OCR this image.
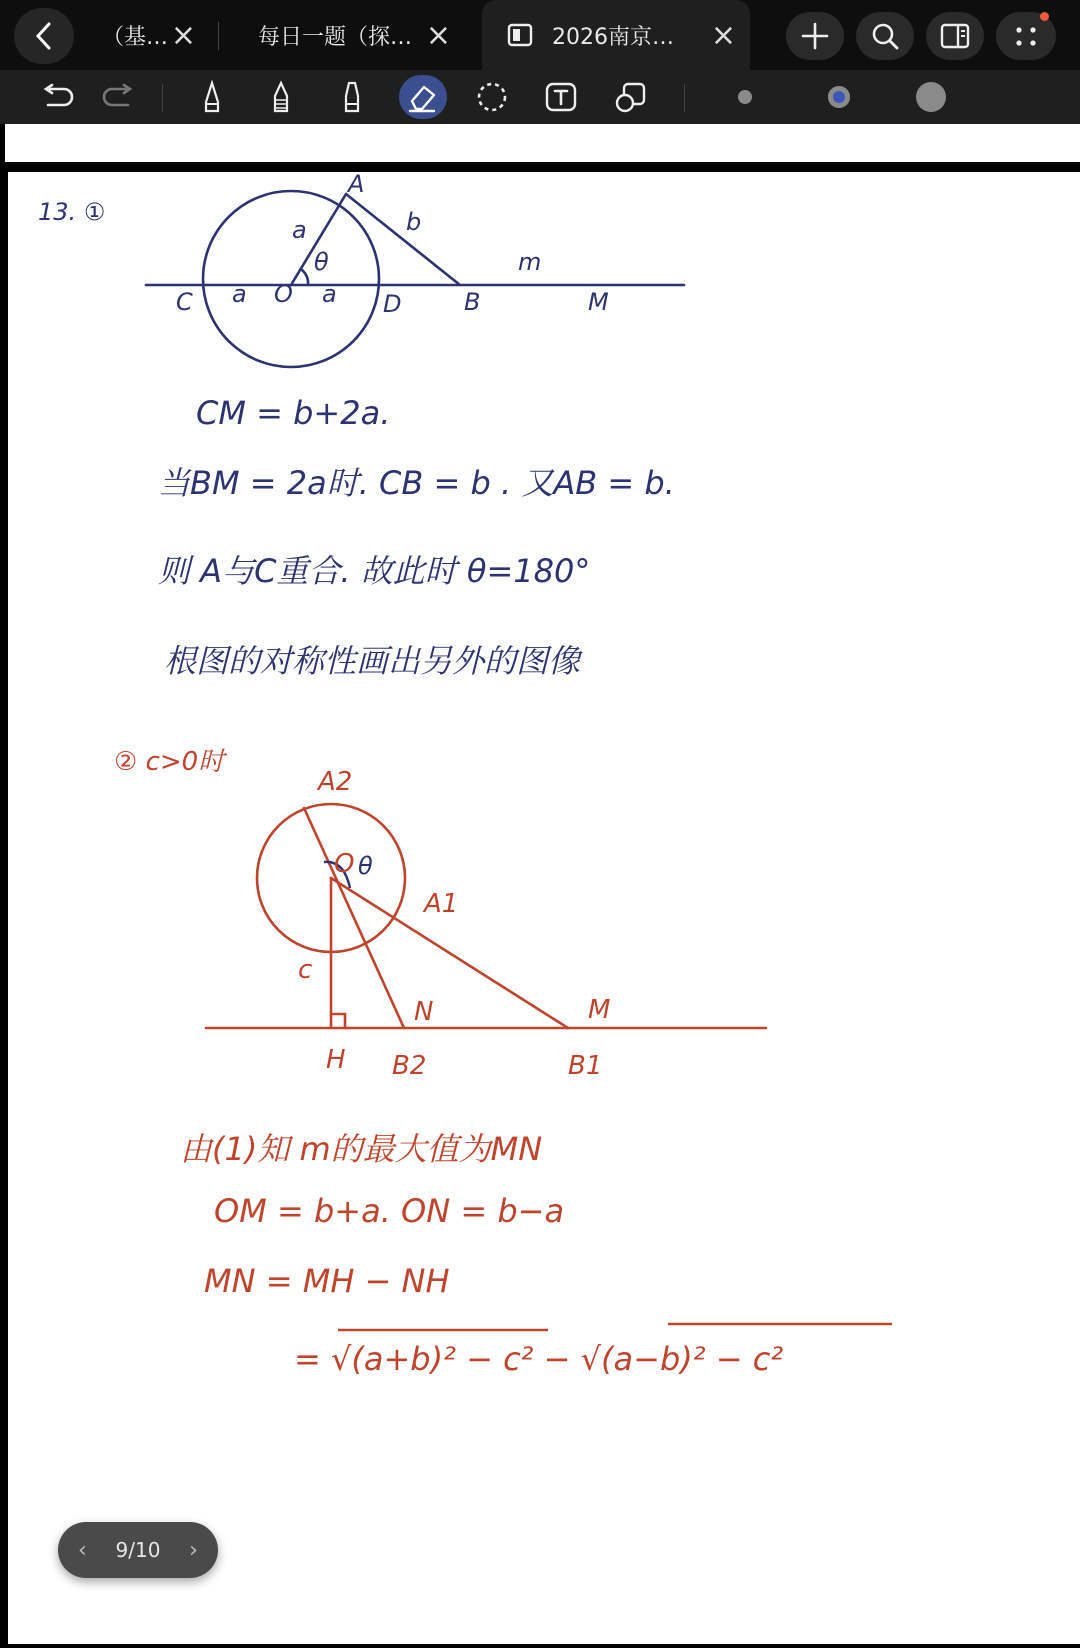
（基… ×	每日一题（探… ×	2026南京… ×
13. ①
A
b
a
θ	m
C a O a D	B	M
CM = b+2a.
当BM = 2a时. CB = b . 又AB = b.
则 A与C重合. 故此时 θ=180°
根图的对称性画出另外的图像
② c>0时
A2
O
A1
c
N	M
H B2	B1
θ
由(1)知 m的最大值为MN
OM = b+a. ON = b−a
MN = MH − NH
= √(a+b)² − c² − √(a−b)² − c²
‹ 9/10 ›
